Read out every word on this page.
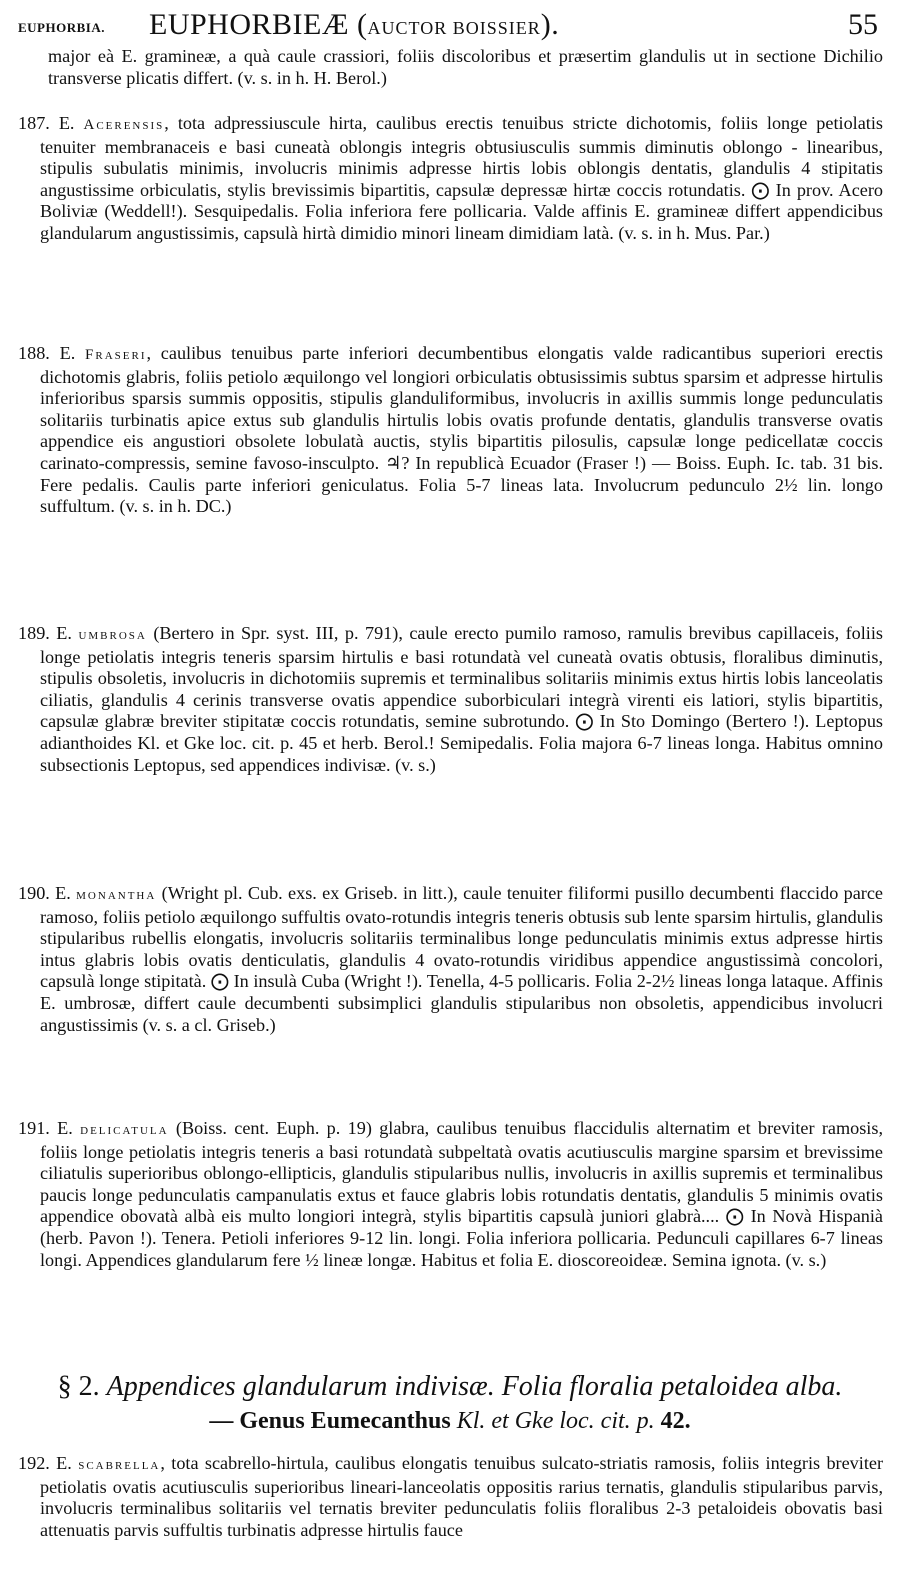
EUPHORBIA. EUPHORBIEÆ (AUCTOR BOISSIER).	55
major eà E. gramineæ, a quà caule crassiori, foliis discoloribus et præsertim glandulis ut in sectione Dichilio transverse plicatis differt. (v. s. in h. H. Berol.)
187. E. Acerensis, tota adpressiuscule hirta, caulibus erectis tenuibus stricte dichotomis, foliis longe petiolatis tenuiter membranaceis e basi cuneatà oblongis integris obtusiusculis summis diminutis oblongo - linearibus, stipulis subulatis minimis, involucris minimis adpresse hirtis lobis oblongis dentatis, glandulis 4 stipitatis angustissime orbiculatis, stylis brevissimis bipartitis, capsulæ depressæ hirtæ coccis rotundatis. ⨀ In prov. Acero Boliviæ (Weddell!). Sesquipedalis. Folia inferiora fere pollicaria. Valde affinis E. gramineæ differt appendicibus glandularum angustissimis, capsulà hirtà dimidio minori lineam dimidiam latà. (v. s. in h. Mus. Par.)
188. E. Fraseri, caulibus tenuibus parte inferiori decumbentibus elongatis valde radicantibus superiori erectis dichotomis glabris, foliis petiolo æquilongo vel longiori orbiculatis obtusissimis subtus sparsim et adpresse hirtulis inferioribus sparsis summis oppositis, stipulis glanduliformibus, involucris in axillis summis longe pedunculatis solitariis turbinatis apice extus sub glandulis hirtulis lobis ovatis profunde dentatis, glandulis transverse ovatis appendice eis angustiori obsolete lobulatà auctis, stylis bipartitis pilosulis, capsulæ longe pedicellatæ coccis carinato-compressis, semine favoso-insculpto. ♃? In republicà Ecuador (Fraser !) — Boiss. Euph. Ic. tab. 31 bis. Fere pedalis. Caulis parte inferiori geniculatus. Folia 5-7 lineas lata. Involucrum pedunculo 2½ lin. longo suffultum. (v. s. in h. DC.)
189. E. umbrosa (Bertero in Spr. syst. III, p. 791), caule erecto pumilo ramoso, ramulis brevibus capillaceis, foliis longe petiolatis integris teneris sparsim hirtulis e basi rotundatà vel cuneatà ovatis obtusis, floralibus diminutis, stipulis obsoletis, involucris in dichotomiis supremis et terminalibus solitariis minimis extus hirtis lobis lanceolatis ciliatis, glandulis 4 cerinis transverse ovatis appendice suborbiculari integrà virenti eis latiori, stylis bipartitis, capsulæ glabræ breviter stipitatæ coccis rotundatis, semine subrotundo. ⨀ In Sto Domingo (Bertero !). Leptopus adianthoides Kl. et Gke loc. cit. p. 45 et herb. Berol.! Semipedalis. Folia majora 6-7 lineas longa. Habitus omnino subsectionis Leptopus, sed appendices indivisæ. (v. s.)
190. E. monantha (Wright pl. Cub. exs. ex Griseb. in litt.), caule tenuiter filiformi pusillo decumbenti flaccido parce ramoso, foliis petiolo æquilongo suffultis ovato-rotundis integris teneris obtusis sub lente sparsim hirtulis, glandulis stipularibus rubellis elongatis, involucris solitariis terminalibus longe pedunculatis minimis extus adpresse hirtis intus glabris lobis ovatis denticulatis, glandulis 4 ovato-rotundis viridibus appendice angustissimà concolori, capsulà longe stipitatà. ⨀ In insulà Cuba (Wright !). Tenella, 4-5 pollicaris. Folia 2-2½ lineas longa lataque. Affinis E. umbrosæ, differt caule decumbenti subsimplici glandulis stipularibus non obsoletis, appendicibus involucri angustissimis (v. s. a cl. Griseb.)
191. E. delicatula (Boiss. cent. Euph. p. 19) glabra, caulibus tenuibus flaccidulis alternatim et breviter ramosis, foliis longe petiolatis integris teneris a basi rotundatà subpeltatà ovatis acutiusculis margine sparsim et brevissime ciliatulis superioribus oblongo-ellipticis, glandulis stipularibus nullis, involucris in axillis supremis et terminalibus paucis longe pedunculatis campanulatis extus et fauce glabris lobis rotundatis dentatis, glandulis 5 minimis ovatis appendice obovatà albà eis multo longiori integrà, stylis bipartitis capsulà juniori glabrà.... ⨀ In Novà Hispanià (herb. Pavon !). Tenera. Petioli inferiores 9-12 lin. longi. Folia inferiora pollicaria. Pedunculi capillares 6-7 lineas longi. Appendices glandularum fere ½ lineæ longæ. Habitus et folia E. dioscoreoideæ. Semina ignota. (v. s.)
§ 2. Appendices glandularum indivisæ. Folia floralia petaloidea alba.
— Genus Eumecanthus Kl. et Gke loc. cit. p. 42.
192. E. scabrella, tota scabrello-hirtula, caulibus elongatis tenuibus sulcato-striatis ramosis, foliis integris breviter petiolatis ovatis acutiusculis superioribus lineari-lanceolatis oppositis rarius ternatis, glandulis stipularibus parvis, involucris terminalibus solitariis vel ternatis breviter pedunculatis foliis floralibus 2-3 petaloideis obovatis basi attenuatis parvis suffultis turbinatis adpresse hirtulis fauce
